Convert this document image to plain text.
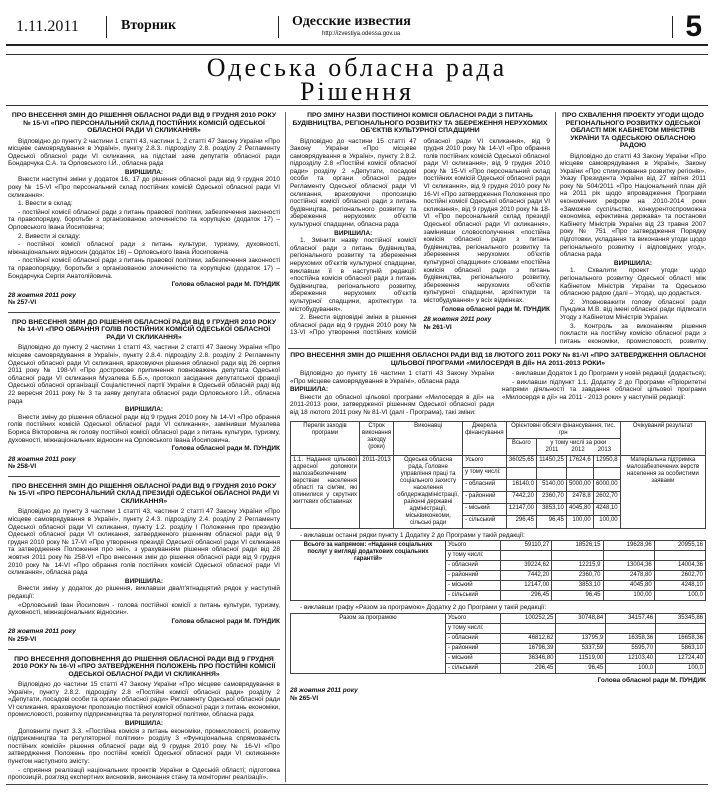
1.11.2011	Вторник	Одесские известия
http://izvestiya.odessa.gov.ua	5
Одеська обласна рада
Рішення
ПРО ВНЕСЕННЯ ЗМІН ДО РІШЕННЯ ОБЛАСНОЇ РАДИ ВІД 9 ГРУДНЯ 2010 РОКУ № 15-VI «ПРО ПЕРСОНАЛЬНИЙ СКЛАД ПОСТІЙНИХ КОМІСІЙ ОДЕСЬКОЇ ОБЛАСНОЇ РАДИ VI СКЛИКАННЯ»
Відповідно до пункту 2 частини 1 статті 43, частини 1, 2 статті 47 Закону України «Про місцеве самоврядування в Україні», пункту 2.8.3. підрозділу 2.8. розділу 2 Регламенту Одеської обласної ради VI скликання, на підставі заяв депутатів обласної ради Бондарчука С.А. та Орловського І.Й., обласна рада
ВИРІШИЛА:
Внести наступні зміни у додаток 16, 17 до рішення обласної ради від 9 грудня 2010 року № 15-VI «Про персональний склад постійних комісій Одеської обласної ради VI скликання»:
1. Ввести в склад:
- постійної комісії обласної ради з питань правової політики, забезпечення законності та правопорядку, боротьби з організованою злочинністю та корупцією (додаток 17) – Орловського Івана Йосиповича;
2. Вивести зі складу:
- постійної комісії обласної ради з питань культури, туризму, духовності, міжнаціональних відносин (додаток 16) – Орловського Івана Йосиповича
- постійної комісії обласної ради з питань правової політики, забезпечення законності та правопорядку, боротьби з організованою злочинністю та корупцією (додаток 17) – Бондарчука Сергія Анатолійовича.
Голова обласної ради М. ПУНДИК
28 жовтня 2011 року
№ 257-VI
ПРО ВНЕСЕННЯ ЗМІН ДО РІШЕННЯ ОБЛАСНОЇ РАДИ ВІД 9 ГРУДНЯ 2010 РОКУ № 14-VI «ПРО ОБРАННЯ ГОЛІВ ПОСТІЙНИХ КОМІСІЙ ОДЕСЬКОЇ ОБЛАСНОЇ РАДИ VI СКЛИКАННЯ»
Відповідно до пункту 2 частини 1 статті 43, частини 2 статті 47 Закону України «Про місцеве самоврядування в Україні», пункту 2.8.4. підрозділу 2.8. розділу 2 Регламенту Одеської обласної ради VI скликання, враховуючи рішення обласної ради від 26 серпня 2011 року № 198-VI «Про дострокове припинення повноважень депутата Одеської обласної ради VI скликання Музалева Б.Б.», протокол засідання депутатської фракції Одеської обласної організації Соціалістичної партії України в Одеській обласній раді від 22 вересня 2011 року № 3 та заяву депутата обласної ради Орловського І.Й., обласна рада
ВИРІШИЛА:
Внести зміну до рішення обласної ради від 9 грудня 2010 року № 14-VI «Про обрання голів постійних комісій Одеської обласної ради VI скликання», замінивши Музалева Бориса Вікторовича як голову постійної комісії обласної ради з питань культури, туризму, духовності, міжнаціональних відносин на Орловського Івана Йосиповича.
Голова обласної ради М. ПУНДИК
28 жовтня 2011 року
№ 258-VI
ПРО ВНЕСЕННЯ ЗМІН ДО РІШЕННЯ ОБЛАСНОЇ РАДИ ВІД 9 ГРУДНЯ 2010 РОКУ № 15-VI «ПРО ПЕРСОНАЛЬНИЙ СКЛАД ПРЕЗИДІЇ ОДЕСЬКОЇ ОБЛАСНОЇ РАДИ VI СКЛИКАННЯ»
Відповідно до пункту 3 частини 1 статті 43, частини 2 статті 47 Закону України «Про місцеве самоврядування в Україні», пункту 2.4.3. підрозділу 2.4. розділу 2 Регламенту Одеської обласної ради VI скликання, пункту 1.2. розділу I Положення про президію Одеської обласної ради VI скликання, затвердженого рішенням обласної ради від 9 грудня 2010 року № 17-VI «Про утворення президії Одеської обласної ради VI скликання та затвердження Положення про неї», з урахуванням рішення обласної ради від 28 жовтня 2011 року № 258-VI «Про внесення змін до рішення обласної ради від 9 грудня 2010 року № 14-VI «Про обрання голів постійних комісій Одеської обласної ради VI скликання», обласна рада
ВИРІШИЛА:
Внести зміну у додаток до рішення, виклавши два/п'ятнадцятий рядок у наступній редакції:
«Орловський Іван Йосипович - голова постійної комісії з питань культури, туризму, духовності, міжнаціональних відносин».
Голова обласної ради М. ПУНДИК
28 жовтня 2011 року
№ 259-VI
ПРО ВНЕСЕННЯ ДОПОВНЕННЯ ДО РІШЕННЯ ОБЛАСНОЇ РАДИ ВІД 9 ГРУДНЯ 2010 РОКУ № 16-VI «ПРО ЗАТВЕРДЖЕННЯ ПОЛОЖЕНЬ ПРО ПОСТІЙНІ КОМІСІЇ ОДЕСЬКОЇ ОБЛАСНОЇ РАДИ VI СКЛИКАННЯ»
Відповідно до частини 15 статті 47 Закону України «Про місцеве самоврядування в Україні», пункту 2.8.2. підрозділу 2.8 «Постійні комісії обласної ради» розділу 2 «Депутати, посадові особи та органи обласної ради» Регламенту Одеської обласної ради VI скликання, враховуючи пропозицію постійної комісії обласної ради з питань економіки, промисловості, розвитку підприємництва та регуляторної політики, обласна рада
ВИРІШИЛА:
Доповнити пункт 3.3. «Постійна комісія з питань економіки, промисловості, розвитку підприємництва та регуляторної політики» розділу 3 «Функціональна спрямованість постійних комісій» рішення обласної ради від 9 грудня 2010 року № 16-VI «Про затвердження Положень про постійні комісії Одеської обласної ради VI скликання» пунктом наступного змісту:
- сприяння реалізації національних проектів України в Одеській області; підготовка пропозицій, розгляд експертних висновків, виконання стану та моніторинг реалізації».
ПРО ЗМІНУ НАЗВИ ПОСТІЙНОЇ КОМІСІЇ ОБЛАСНОЇ РАДИ З ПИТАНЬ БУДІВНИЦТВА, РЕГІОНАЛЬНОГО РОЗВИТКУ ТА ЗБЕРЕЖЕННЯ НЕРУХОМИХ ОБ'ЄКТІВ КУЛЬТУРНОЇ СПАДЩИНИ
Відповідно до частини 15 статті 47 Закону України «Про місцеве самоврядування в Україні», пункту 2.8.2. підрозділу 2.8 «Постійні комісії обласної ради» розділу 2 «Депутати, посадові особи та органи обласної ради» Регламенту Одеської обласної ради VI скликання, враховуючи пропозицію постійної комісії обласної ради з питань будівництва, регіонального розвитку та збереження нерухомих об'єктів культурної спадщини, обласна рада
ВИРІШИЛА:
1. Змінити назву постійної комісії обласної ради з питань будівництва, регіонального розвитку та збереження нерухомих об'єктів культурної спадщини, виклавши її в наступній редакції: «постійна комісія обласної ради з питань будівництва, регіонального розвитку, збереження нерухомих об'єктів культурної спадщини, архітектури та містобудування».
2. Внести відповідні зміни в рішення обласної ради від 9 грудня 2010 року № 13-VI «Про утворення постійних комісій обласної ради VI скликання», від 9 грудня 2010 року № 14-VI «Про обрання голів постійних комісій Одеської обласної ради VI скликання», від 9 грудня 2010 року № 15-VI «Про персональний склад постійних комісій Одеської обласної ради VI скликання», від 9 грудня 2010 року № 16-VI «Про затвердження Положення про постійні комісії Одеської обласної ради VI скликання», від 9 грудня 2010 року № 18-VI «Про персональний склад президії Одеської обласної ради VI скликання», замінивши словосполучення «постійна комісія обласної ради з питань будівництва, регіонального розвитку та збереження нерухомих об'єктів культурної спадщини» словами «постійна комісія обласної ради з питань будівництва, регіонального розвитку, збереження нерухомих об'єктів культурної спадщини, архітектури та містобудування» у всіх відмінках.
Голова обласної ради М. ПУНДИК
28 жовтня 2011 року
№ 261-VI
ПРО СХВАЛЕННЯ ПРОЕКТУ УГОДИ ЩОДО РЕГІОНАЛЬНОГО РОЗВИТКУ ОДЕСЬКОЇ ОБЛАСТІ МІЖ КАБІНЕТОМ МІНІСТРІВ УКРАЇНИ ТА ОДЕСЬКОЮ ОБЛАСНОЮ РАДОЮ
Відповідно до статті 43 Закону України «Про місцеве самоврядування в Україні», Закону України «Про стимулювання розвитку регіонів», Указу Президента України від 27 квітня 2011 року № 504/2011 «Про Національний план дій на 2011 рік щодо впровадження Програми економічних реформ на 2010-2014 роки «Заможне суспільство, конкурентоспроможна економіка, ефективна держава» та постанови Кабінету Міністрів України від 23 травня 2007 року № 751 «Про затвердження Порядку підготовки, укладання та виконання угоди щодо регіонального розвитку і відповідних угод», обласна рада
ВИРІШИЛА:
1. Схвалити проект угоди щодо регіонального розвитку Одеської області між Кабінетом Міністрів України та Одеською обласною радою (далі – Угода), що додається.
2. Уповноважити голову обласної ради Пундика М.В. від імені обласної ради підписати Угоду з Кабінетом Міністрів України.
3. Контроль за виконанням рішення покласти на постійну комісію обласної ради з питань економіки, промисловості, розвитку
ПРО ВНЕСЕННЯ ЗМІН ДО РІШЕННЯ ОБЛАСНОЇ РАДИ ВІД 18 ЛЮТОГО 2011 РОКУ № 81-VI «ПРО ЗАТВЕРДЖЕННЯ ОБЛАСНОЇ ЦІЛЬОВОЇ ПРОГРАМИ «МИЛОСЕРДЯ В ДІЇ» НА 2011-2013 РОКИ»
Відповідно до пункту 16 частини 1 статті 43 Закону України «Про місцеве самоврядування в Україні», обласна рада
ВИРІШИЛА:
Внести до обласної цільової програми «Милосердя в дії» на 2011-2013 роки, затвердженої рішенням Одеської обласної ради від 18 лютого 2011 року № 81-VI (далі - Програма), такі зміни:
- виклавши Додаток 1 до Програми у новій редакції (додається);
- виклавши підпункт 1.1. Додатку 2 до Програми «Пріоритетні напрями діяльності та завдання обласної цільової програми «Милосердя в дії» на 2011 - 2013 роки» у наступній редакції:
Перелік заходів програми	Строк виконання заходу (роки)	Виконавці	Джерела фінансування	Орієнтовні обсяги фінансування, тис. грн				Очікуваний результат
				Всього	у тому числі за роки
2011 2012 2013			

1.1. Надання цільової адресної допомоги малозабезпеченим верствам населення області та сім'ям, які опинилися у скрутних життєвих обставинах	2011-2013	Одеська обласна рада, Головне управління праці та соціального захисту населення облдержадміністрації, районні державні адміністрації, міськвиконкоми, сільські ради	Усього	36025,65	11450,25	17624,6	12950,8	Матеріальна підтримка малозабезпечених верств населення за особистими заявами
			у тому числі:					
			- обласний	16140,0	5140,00	5000,00	6000,00	
			- районний	7442,20	2360,70	2478,8	2602,70	
			- міський	12147,00	3853,10	4045,80	4248,10	
			- сільський	296,45	96,45	100,00	100,00	
- виклавши останні рядки пункту 1 Додатку 2 до Програми у такій редакції:
Всього за напрямом: «Надання соціальних послуг у вигляді додаткових соціальних гарантій»	Усього	59110,27	18526,15	19628,96	20955,16
	у тому числі:				
	- обласний	39224,62	12215,9	13004,36	14004,36
	- районний	7442,20	2360,70	2478,80	2602,70
	- міський	12147,00	3853,10	4045,80	4248,10
	- сільський	296,45	96,45	100,00	100,0
- виклавши графу «Разом за програмою» Додатку 2 до Програми у такій редакції:
Разом за програмою	Усього	100252,25	30748,84	34157,46	35345,86
	у тому числі:				
	- обласний	46812,62	13795,9	16358,36	16658,36
	- районний	16796,39	5337,59	5595,70	5863,10
	- міський	36346,80	11519,00	12103,40	12724,40
	- сільський	296,45	96,45	100,0	100,0
Голова обласної ради М. ПУНДИК
28 жовтня 2011 року
№ 265-VI
